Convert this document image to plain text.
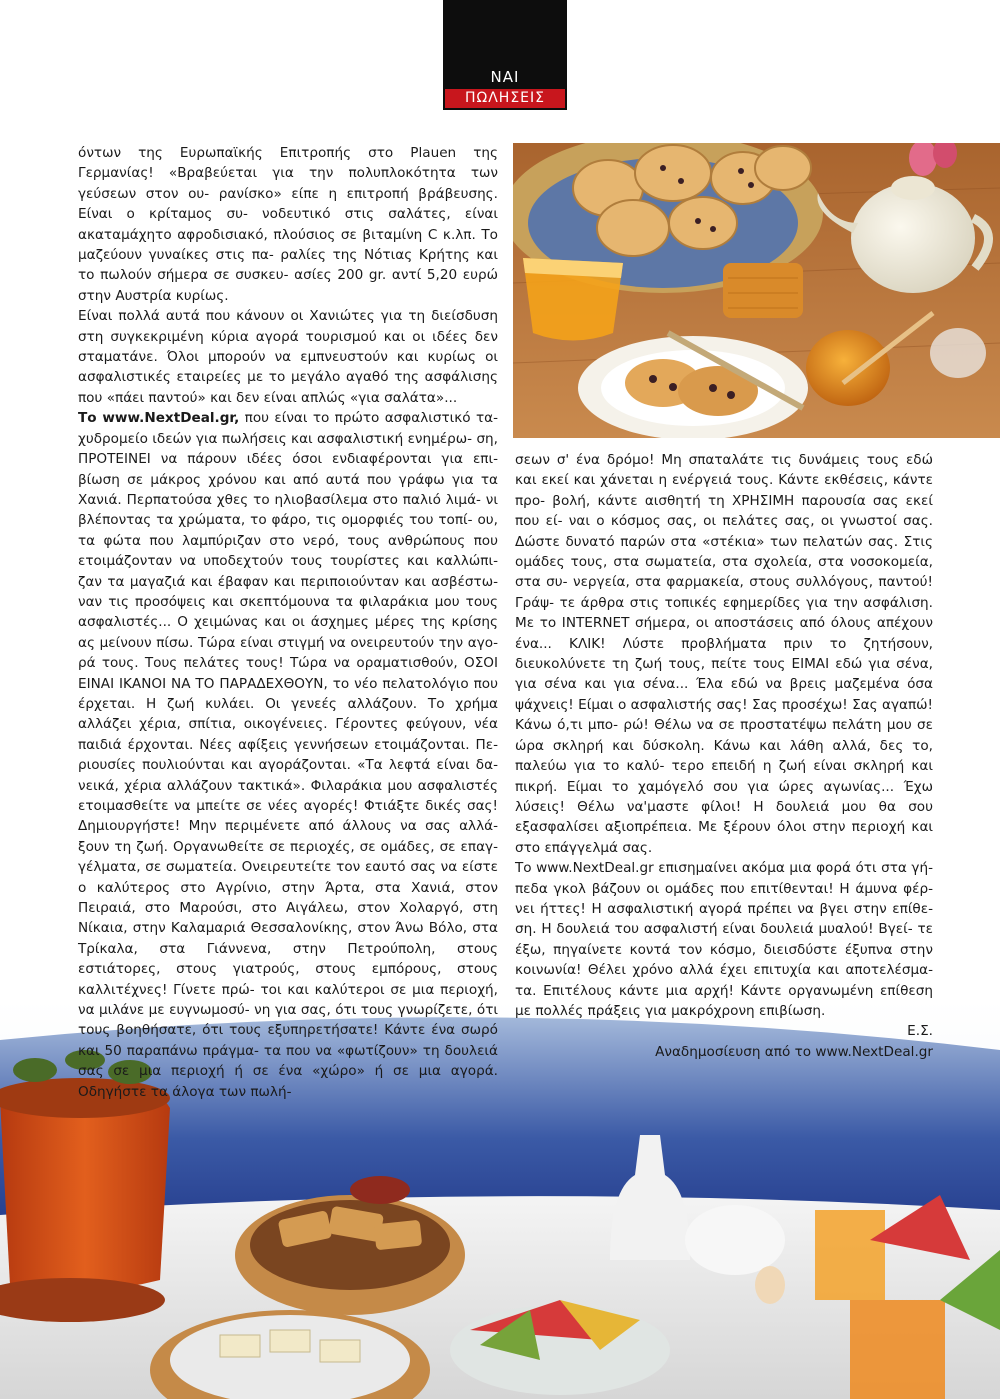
ΝΑΙ
ΠΩΛΗΣΕΙΣ

όντων της Ευρωπαϊκής Επιτροπής στο Plauen της Γερμανίας! «Βραβεύεται για την πολυπλοκότητα των γεύσεων στον ου- ρανίσκο» είπε η επιτροπή βράβευσης. Είναι ο κρίταμος συ- νοδευτικό στις σαλάτες, είναι ακαταμάχητο αφροδισιακό, πλούσιος σε βιταμίνη C κ.λπ. Το μαζεύουν γυναίκες στις πα- ραλίες της Νότιας Κρήτης και το πωλούν σήμερα σε συσκευ- ασίες 200 gr. αντί 5,20 ευρώ στην Αυστρία κυρίως.

Είναι πολλά αυτά που κάνουν οι Χανιώτες για τη διείσδυση στη συγκεκριμένη κύρια αγορά τουρισμού και οι ιδέες δεν σταματάνε. Όλοι μπορούν να εμπνευστούν και κυρίως οι ασφαλιστικές εταιρείες με το μεγάλο αγαθό της ασφάλισης που «πάει παντού» και δεν είναι απλώς «για σαλάτα»...

Το www.NextDeal.gr, που είναι το πρώτο ασφαλιστικό τα- χυδρομείο ιδεών για πωλήσεις και ασφαλιστική ενημέρω- ση, ΠΡΟΤΕΙΝΕΙ να πάρουν ιδέες όσοι ενδιαφέρονται για επι- βίωση σε μάκρος χρόνου και από αυτά που γράφω για τα Χανιά. Περπατούσα χθες το ηλιοβασίλεμα στο παλιό λιμά- νι βλέποντας τα χρώματα, το φάρο, τις ομορφιές του τοπί- ου, τα φώτα που λαμπύριζαν στο νερό, τους ανθρώπους που ετοιμάζονταν να υποδεχτούν τους τουρίστες και καλλώπι- ζαν τα μαγαζιά και έβαφαν και περιποιούνταν και ασβέστω- ναν τις προσόψεις και σκεπτόμουνα τα φιλαράκια μου τους ασφαλιστές... Ο χειμώνας και οι άσχημες μέρες της κρίσης ας μείνουν πίσω. Τώρα είναι στιγμή να ονειρευτούν την αγο- ρά τους. Τους πελάτες τους! Τώρα να οραματισθούν, ΟΣΟΙ ΕΙΝΑΙ ΙΚΑΝΟΙ ΝΑ ΤΟ ΠΑΡΑΔΕΧΘΟΥΝ, το νέο πελατολόγιο που έρχεται. Η ζωή κυλάει. Οι γενεές αλλάζουν. Το χρήμα αλλάζει χέρια, σπίτια, οικογένειες. Γέροντες φεύγουν, νέα παιδιά έρχονται. Νέες αφίξεις γεννήσεων ετοιμάζονται. Πε- ριουσίες πουλιούνται και αγοράζονται. «Τα λεφτά είναι δα- νεικά, χέρια αλλάζουν τακτικά». Φιλαράκια μου ασφαλιστές ετοιμασθείτε να μπείτε σε νέες αγορές! Φτιάξτε δικές σας! Δημιουργήστε! Μην περιμένετε από άλλους να σας αλλά- ξουν τη ζωή. Οργανωθείτε σε περιοχές, σε ομάδες, σε επαγ- γέλματα, σε σωματεία. Ονειρευτείτε τον εαυτό σας να είστε ο καλύτερος στο Αγρίνιο, στην Άρτα, στα Χανιά, στον Πειραιά, στο Μαρούσι, στο Αιγάλεω, στον Χολαργό, στη Νίκαια, στην Καλαμαριά Θεσσαλονίκης, στον Άνω Βόλο, στα Τρίκαλα, στα Γιάννενα, στην Πετρούπολη, στους εστιάτορες, στους γιατρούς, στους εμπόρους, στους καλλιτέχνες! Γίνετε πρώ- τοι και καλύτεροι σε μια περιοχή, να μιλάνε με ευγνωμοσύ- νη για σας, ότι τους γνωρίζετε, ότι τους βοηθήσατε, ότι τους εξυπηρετήσατε! Κάντε ένα σωρό και 50 παραπάνω πράγμα- τα που να «φωτίζουν» τη δουλειά σας σε μια περιοχή ή σε ένα «χώρο» ή σε μια αγορά. Οδηγήστε τα άλογα των πωλή-

σεων σ' ένα δρόμο! Μη σπαταλάτε τις δυνάμεις τους εδώ και εκεί και χάνεται η ενέργειά τους. Κάντε εκθέσεις, κάντε προ- βολή, κάντε αισθητή τη ΧΡΗΣΙΜΗ παρουσία σας εκεί που εί- ναι ο κόσμος σας, οι πελάτες σας, οι γνωστοί σας. Δώστε δυνατό παρών στα «στέκια» των πελατών σας. Στις ομάδες τους, στα σωματεία, στα σχολεία, στα νοσοκομεία, στα συ- νεργεία, στα φαρμακεία, στους συλλόγους, παντού! Γράψ- τε άρθρα στις τοπικές εφημερίδες για την ασφάλιση. Με το INTERNET σήμερα, οι αποστάσεις από όλους απέχουν ένα... ΚΛΙΚ! Λύστε προβλήματα πριν το ζητήσουν, διευκολύνετε τη ζωή τους, πείτε τους ΕΙΜΑΙ εδώ για σένα, για σένα και για σένα... Έλα εδώ να βρεις μαζεμένα όσα ψάχνεις! Είμαι ο ασφαλιστής σας! Σας προσέχω! Σας αγαπώ! Κάνω ό,τι μπο- ρώ! Θέλω να σε προστατέψω πελάτη μου σε ώρα σκληρή και δύσκολη. Κάνω και λάθη αλλά, δες το, παλεύω για το καλύ- τερο επειδή η ζωή είναι σκληρή και πικρή. Είμαι το χαμόγελό σου για ώρες αγωνίας... Έχω λύσεις! Θέλω να'μαστε φίλοι! Η δουλειά μου θα σου εξασφαλίσει αξιοπρέπεια. Με ξέρουν όλοι στην περιοχή και στο επάγγελμά σας.

Το www.NextDeal.gr επισημαίνει ακόμα μια φορά ότι στα γή- πεδα γκολ βάζουν οι ομάδες που επιτίθενται! Η άμυνα φέρ- νει ήττες! Η ασφαλιστική αγορά πρέπει να βγει στην επίθε- ση. Η δουλειά του ασφαλιστή είναι δουλειά μυαλού! Βγεί- τε έξω, πηγαίνετε κοντά τον κόσμο, διεισδύστε έξυπνα στην κοινωνία! Θέλει χρόνο αλλά έχει επιτυχία και αποτελέσμα- τα. Επιτέλους κάντε μια αρχή! Κάντε οργανωμένη επίθεση με πολλές πράξεις για μακρόχρονη επιβίωση.

Ε.Σ.

Αναδημοσίευση από το www.NextDeal.gr
